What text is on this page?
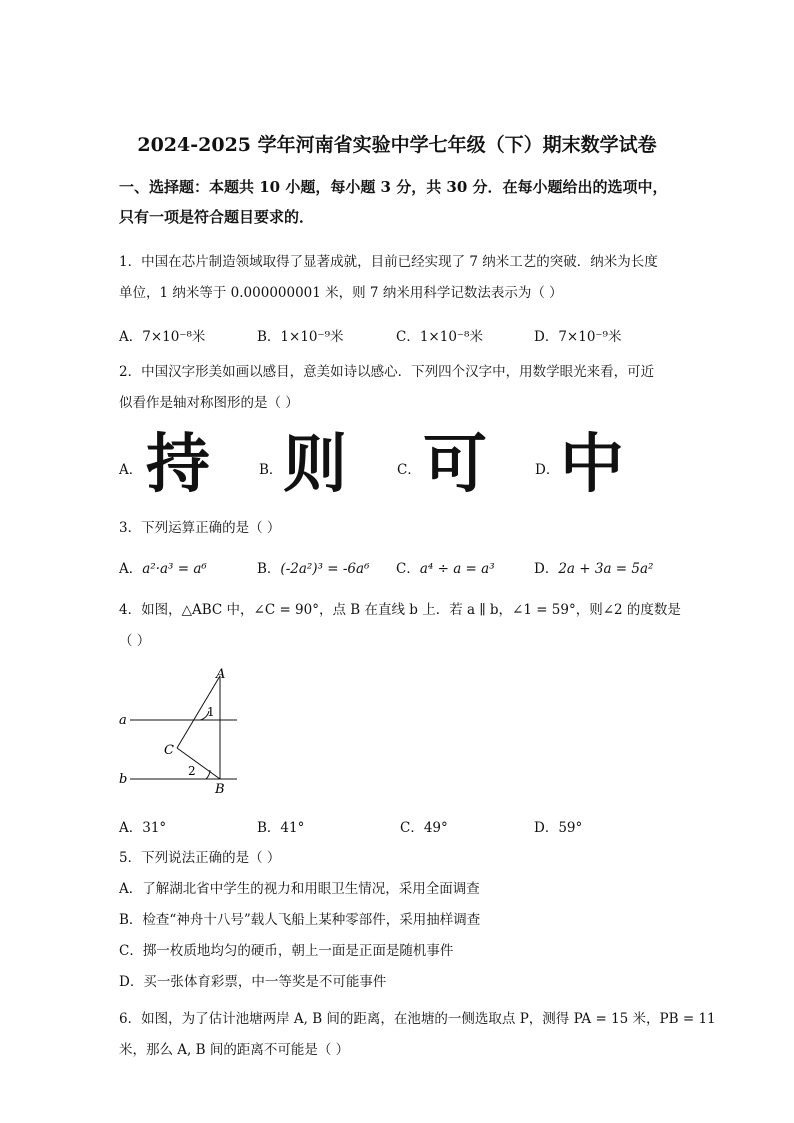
2024-2025 学年河南省实验中学七年级（下）期末数学试卷
一、选择题：本题共 10 小题，每小题 3 分，共 30 分．在每小题给出的选项中，
只有一项是符合题目要求的．
1．中国在芯片制造领域取得了显著成就，目前已经实现了 7 纳米工艺的突破．纳米为长度
单位，1 纳米等于 0.000000001 米，则 7 纳米用科学记数法表示为（ ）
A．7×10⁻⁸米	B．1×10⁻⁹米	C．1×10⁻⁸米	D．7×10⁻⁹米
2．中国汉字形美如画以感目，意美如诗以感心．下列四个汉字中，用数学眼光来看，可近
似看作是轴对称图形的是（ ）
A． 持	B． 则	C． 可	D． 中
3．下列运算正确的是（ ）
A．a²·a³ = a⁶	B．(-2a²)³ = -6a⁶ C．a⁴ ÷ a = a³	D．2a + 3a = 5a²
4．如图，△ABC 中，∠C = 90°，点 B 在直线 b 上．若 a ∥ b，∠1 = 59°，则∠2 的度数是
（ ）
A
B
C
a
b
1
2
A．31°	B．41°	C．49°	D．59°
5．下列说法正确的是（ ）
A．了解湖北省中学生的视力和用眼卫生情况，采用全面调查
B．检查“神舟十八号”载人飞船上某种零部件，采用抽样调查
C．掷一枚质地均匀的硬币，朝上一面是正面是随机事件
D．买一张体育彩票，中一等奖是不可能事件
6．如图，为了估计池塘两岸 A, B 间的距离，在池塘的一侧选取点 P，测得 PA = 15 米，PB = 11
米，那么 A, B 间的距离不可能是（ ）
